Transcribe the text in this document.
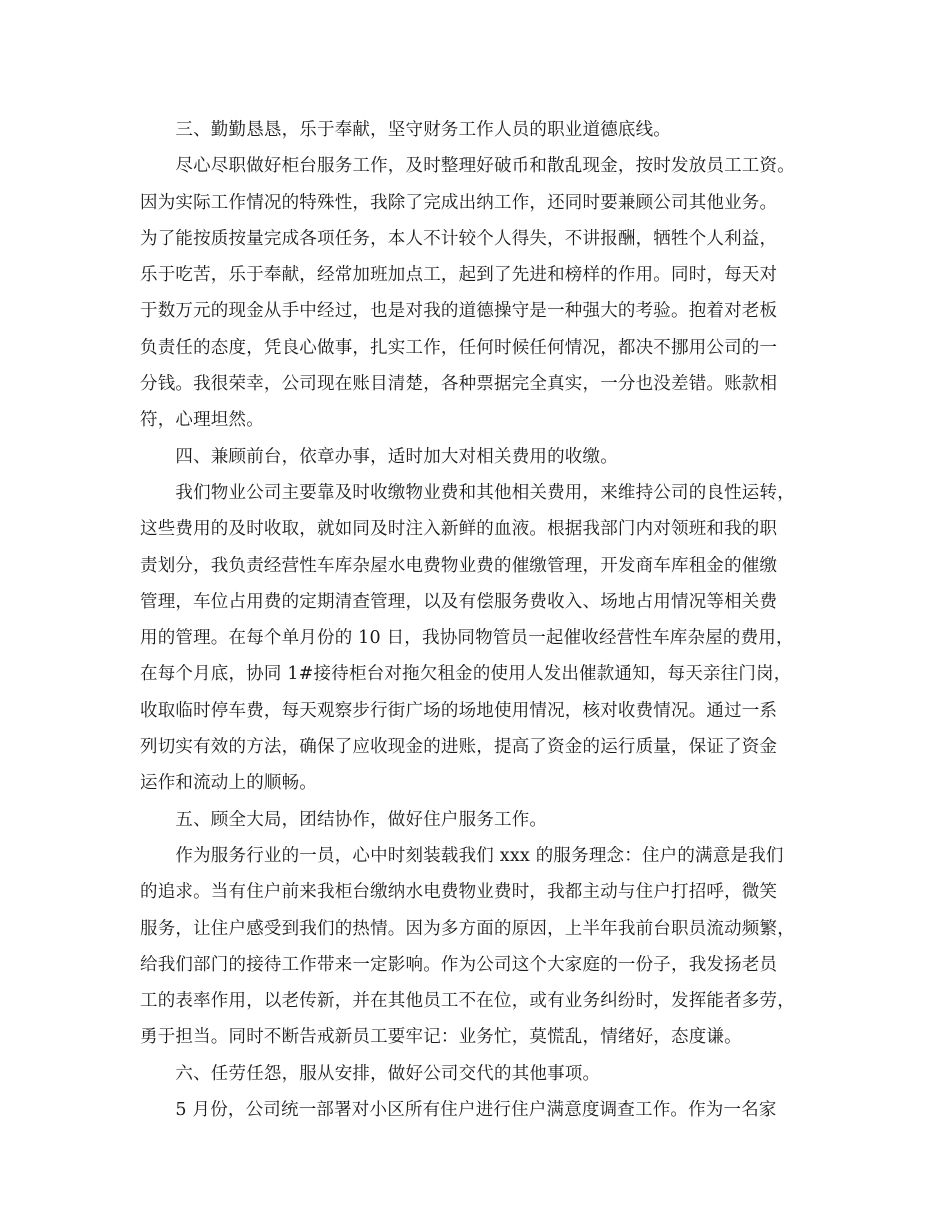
　　三、勤勤恳恳，乐于奉献，坚守财务工作人员的职业道德底线。
　　尽心尽职做好柜台服务工作，及时整理好破币和散乱现金，按时发放员工工资。
因为实际工作情况的特殊性，我除了完成出纳工作，还同时要兼顾公司其他业务。
为了能按质按量完成各项任务，本人不计较个人得失，不讲报酬，牺牲个人利益，
乐于吃苦，乐于奉献，经常加班加点工，起到了先进和榜样的作用。同时，每天对
于数万元的现金从手中经过，也是对我的道德操守是一种强大的考验。抱着对老板
负责任的态度，凭良心做事，扎实工作，任何时候任何情况，都决不挪用公司的一
分钱。我很荣幸，公司现在账目清楚，各种票据完全真实，一分也没差错。账款相
符，心理坦然。
　　四、兼顾前台，依章办事，适时加大对相关费用的收缴。
　　我们物业公司主要靠及时收缴物业费和其他相关费用，来维持公司的良性运转，
这些费用的及时收取，就如同及时注入新鲜的血液。根据我部门内对领班和我的职
责划分，我负责经营性车库杂屋水电费物业费的催缴管理，开发商车库租金的催缴
管理，车位占用费的定期清查管理，以及有偿服务费收入、场地占用情况等相关费
用的管理。在每个单月份的 10 日，我协同物管员一起催收经营性车库杂屋的费用，
在每个月底，协同 1#接待柜台对拖欠租金的使用人发出催款通知，每天亲往门岗，
收取临时停车费，每天观察步行街广场的场地使用情况，核对收费情况。通过一系
列切实有效的方法，确保了应收现金的进账，提高了资金的运行质量，保证了资金
运作和流动上的顺畅。
　　五、顾全大局，团结协作，做好住户服务工作。
　　作为服务行业的一员，心中时刻装载我们 xxx 的服务理念：住户的满意是我们
的追求。当有住户前来我柜台缴纳水电费物业费时，我都主动与住户打招呼，微笑
服务，让住户感受到我们的热情。因为多方面的原因，上半年我前台职员流动频繁，
给我们部门的接待工作带来一定影响。作为公司这个大家庭的一份子，我发扬老员
工的表率作用，以老传新，并在其他员工不在位，或有业务纠纷时，发挥能者多劳，
勇于担当。同时不断告戒新员工要牢记：业务忙，莫慌乱，情绪好，态度谦。
　　六、任劳任怨，服从安排，做好公司交代的其他事项。
　　5 月份，公司统一部署对小区所有住户进行住户满意度调查工作。作为一名家
